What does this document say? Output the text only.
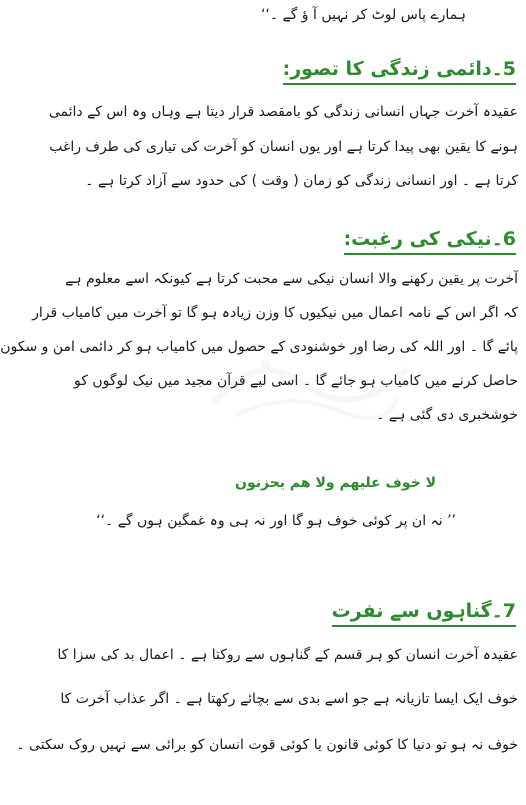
ہمارے پاس لوٹ کر نہیں آ ؤ گے ۔‘‘
5۔دائمی زندگی کا تصور:
عقیدہ آخرت جہاں انسانی زندگی کو بامقصد قرار دیتا ہے وہاں وہ اس کے دائمی
ہونے کا یقین بھی پیدا کرتا ہے اور یوں انسان کو آخرت کی تیاری کی طرف راغب
کرتا ہے ۔ اور انسانی زندگی کو زمان ( وقت ) کی حدود سے آزاد کرتا ہے ۔
6۔نیکی کی رغبت:
آخرت پر یقین رکھنے والا انسان نیکی سے محبت کرتا ہے کیونکہ اسے معلوم ہے
کہ اگر اس کے نامہ اعمال میں نیکیوں کا وزن زیادہ ہو گا تو آخرت میں کامیاب قرار
پائے گا ۔ اور اللہ کی رضا اور خوشنودی کے حصول میں کامیاب ہو کر دائمی امن و سکون
حاصل کرنے میں کامیاب ہو جائے گا ۔ اسی لیے قرآن مجید میں نیک لوگوں کو
خوشخبری دی گئی ہے ۔
لا خوف علیھم ولا ھم یحزنون
’’ نہ ان پر کوئی خوف ہو گا اور نہ ہی وہ غمگین ہوں گے ۔‘‘
7۔گناہوں سے نفرت
عقیدہ آخرت انسان کو ہر قسم کے گناہوں سے روکتا ہے ۔ اعمال بد کی سزا کا
خوف ایک ایسا تازیانہ ہے جو اسے بدی سے بچائے رکھتا ہے ۔ اگر عذاب آخرت کا
خوف نہ ہو تو دنیا کا کوئی قانون یا کوئی قوت انسان کو برائی سے نہیں روک سکتی ۔
